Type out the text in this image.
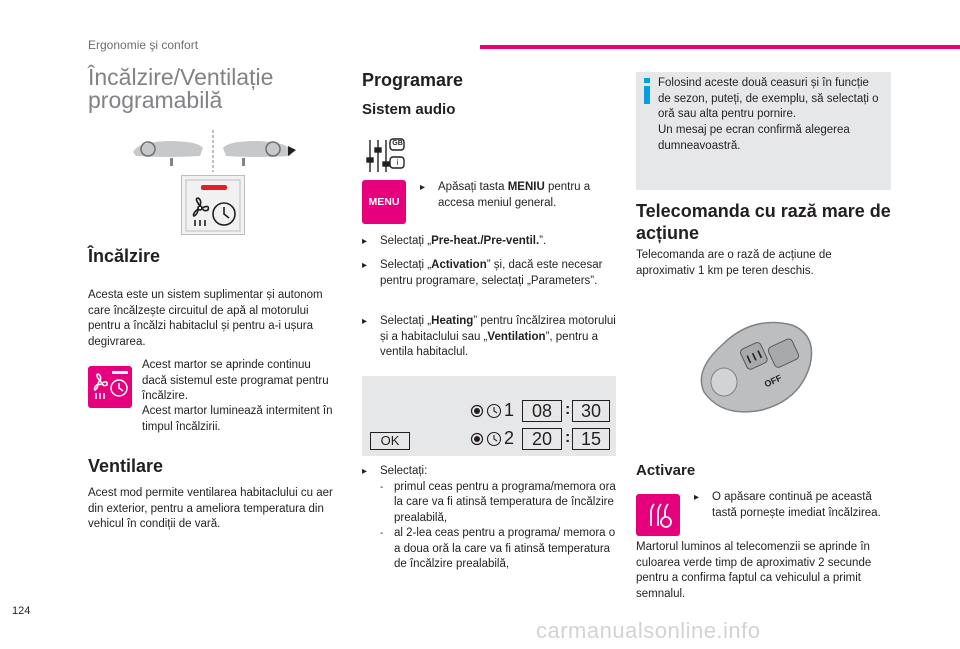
Ergonomie şi confort
Încălzire/Ventilație programabilă
Încălzire
Acesta este un sistem suplimentar și autonom care încălzește circuitul de apă al motorului pentru a încălzi habitaclul și pentru a-i ușura degivrarea.
Acest martor se aprinde continuu dacă sistemul este programat pentru încălzire.
Acest martor luminează intermitent în timpul încălzirii.
Ventilare
Acest mod permite ventilarea habitaclului cu aer din exterior, pentru a ameliora temperatura din vehicul în condiții de vară.
Programare
Sistem audio
GB
i
MENU
▸	Apăsați tasta MENIU pentru a accesa meniul general.
▸	Selectați „Pre-heat./Pre-ventil.”.
▸	Selectați „Activation” și, dacă este necesar pentru programare, selectați „Parameters”.
▸	Selectați „Heating” pentru încălzirea motorului și a habitaclului sau „Ventilation”, pentru a ventila habitaclul.
OK
1 08 : 30
2 20 : 15
▸	Selectați:
- primul ceas pentru a programa/memora ora la care va fi atinsă temperatura de încălzire prealabilă,
- al 2-lea ceas pentru a programa/ memora o a doua oră la care va fi atinsă temperatura de încălzire prealabilă,
Folosind aceste două ceasuri și în funcție de sezon, puteți, de exemplu, să selectați o oră sau alta pentru pornire.
Un mesaj pe ecran confirmă alegerea dumneavoastră.
Telecomanda cu rază mare de acțiune
Telecomanda are o rază de acțiune de aproximativ 1 km pe teren deschis.
OFF
Activare
▸	O apăsare continuă pe această tastă pornește imediat încălzirea.
Martorul luminos al telecomenzii se aprinde în culoarea verde timp de aproximativ 2 secunde pentru a confirma faptul ca vehiculul a primit semnalul.
124
carmanualsonline.info
